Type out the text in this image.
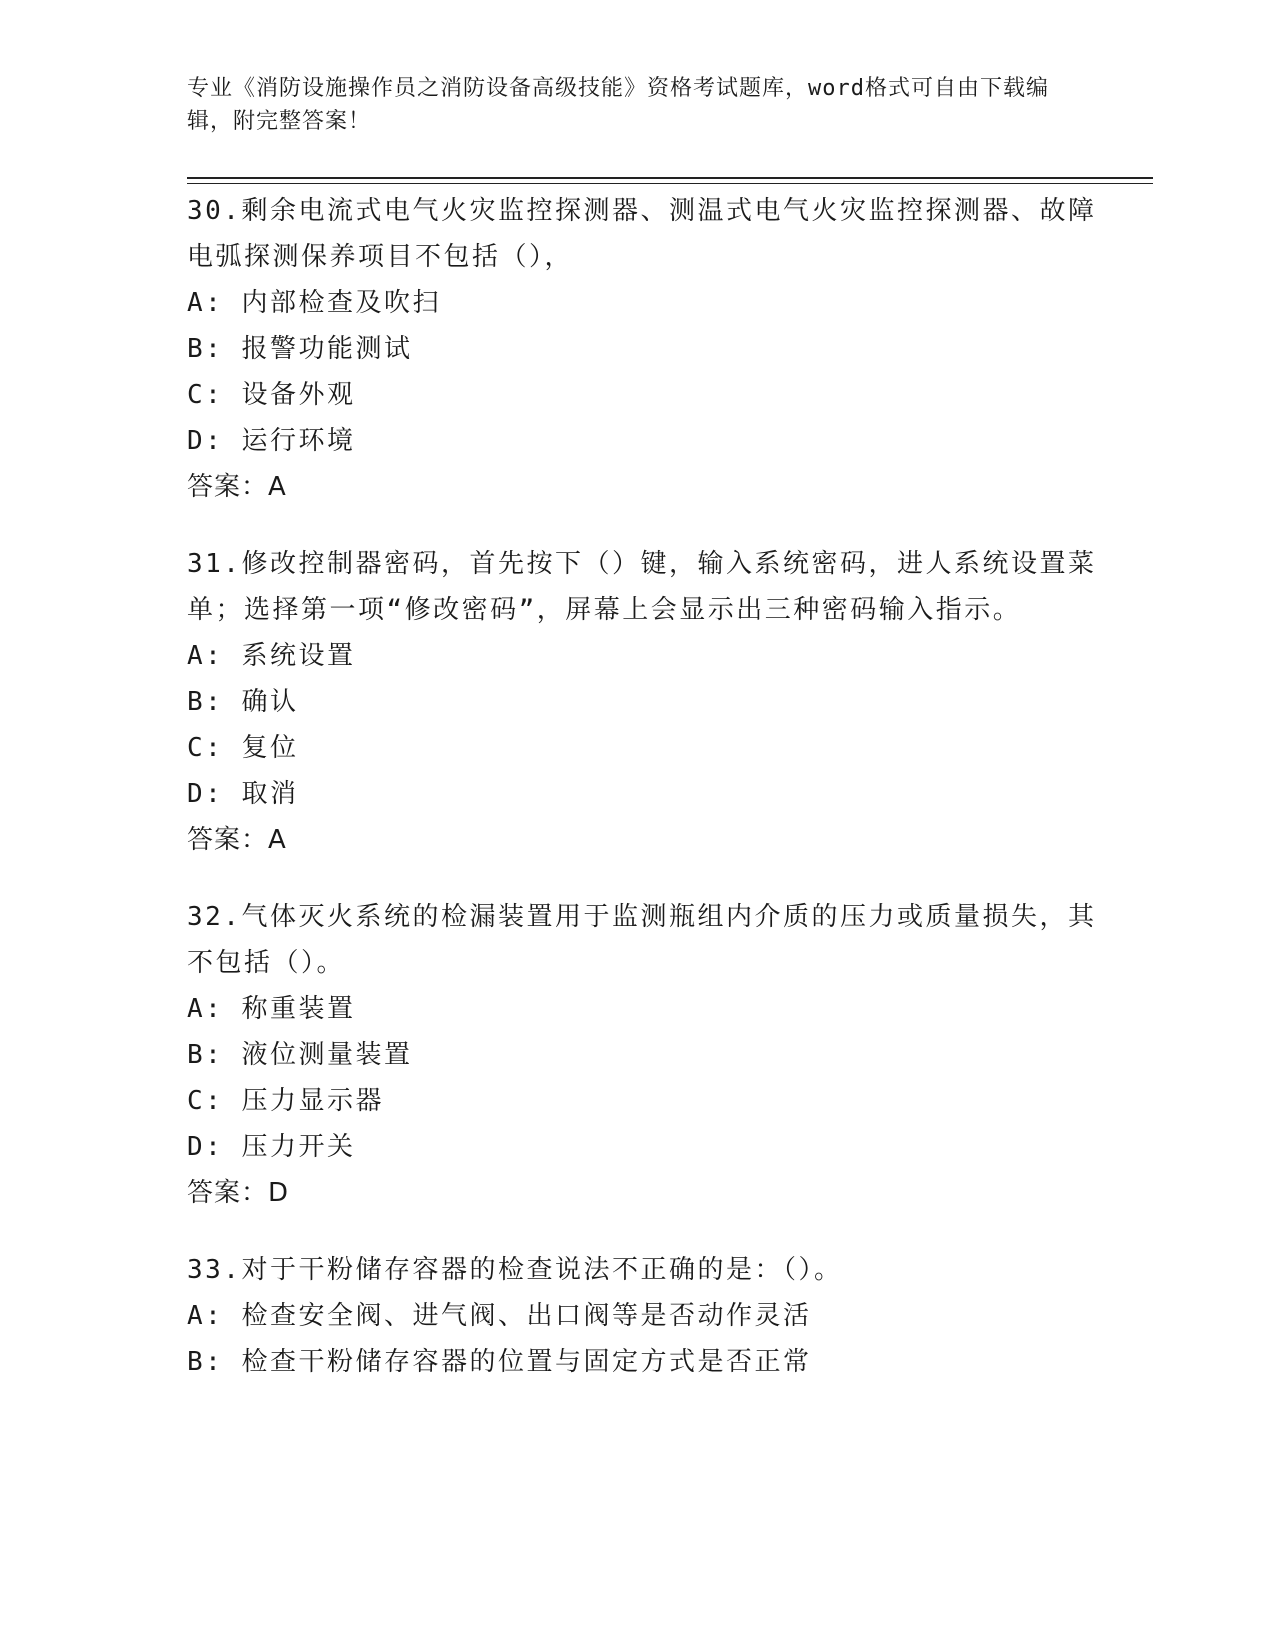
专业《消防设施操作员之消防设备高级技能》资格考试题库，word格式可自由下载编辑，附完整答案！
30.剩余电流式电气火灾监控探测器、测温式电气火灾监控探测器、故障电弧探测保养项目不包括（），
A: 内部检查及吹扫
B: 报警功能测试
C: 设备外观
D: 运行环境
答案：A
31.修改控制器密码，首先按下（）键，输入系统密码，进人系统设置菜单；选择第一项“修改密码”，屏幕上会显示出三种密码输入指示。
A: 系统设置
B: 确认
C: 复位
D: 取消
答案：A
32.气体灭火系统的检漏装置用于监测瓶组内介质的压力或质量损失，其不包括（）。
A: 称重装置
B: 液位测量装置
C: 压力显示器
D: 压力开关
答案：D
33.对于干粉储存容器的检查说法不正确的是：（）。
A: 检查安全阀、进气阀、出口阀等是否动作灵活
B: 检查干粉储存容器的位置与固定方式是否正常
